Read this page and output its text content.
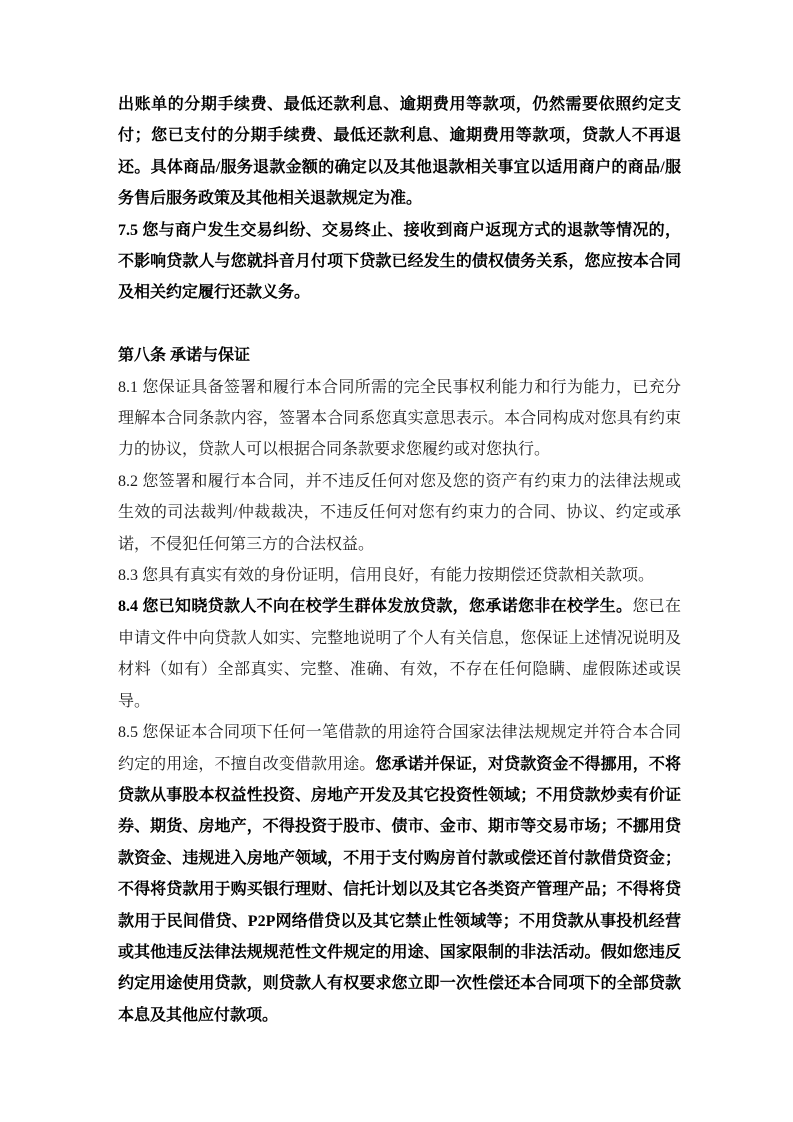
出账单的分期手续费、最低还款利息、逾期费用等款项，仍然需要依照约定支付；您已支付的分期手续费、最低还款利息、逾期费用等款项，贷款人不再退还。具体商品/服务退款金额的确定以及其他退款相关事宜以适用商户的商品/服务售后服务政策及其他相关退款规定为准。

7.5 您与商户发生交易纠纷、交易终止、接收到商户返现方式的退款等情况的，不影响贷款人与您就抖音月付项下贷款已经发生的债权债务关系，您应按本合同及相关约定履行还款义务。

第八条 承诺与保证

8.1 您保证具备签署和履行本合同所需的完全民事权利能力和行为能力，已充分理解本合同条款内容，签署本合同系您真实意思表示。本合同构成对您具有约束力的协议，贷款人可以根据合同条款要求您履约或对您执行。

8.2 您签署和履行本合同，并不违反任何对您及您的资产有约束力的法律法规或生效的司法裁判/仲裁裁决，不违反任何对您有约束力的合同、协议、约定或承诺，不侵犯任何第三方的合法权益。

8.3 您具有真实有效的身份证明，信用良好，有能力按期偿还贷款相关款项。

8.4 您已知晓贷款人不向在校学生群体发放贷款，您承诺您非在校学生。您已在申请文件中向贷款人如实、完整地说明了个人有关信息，您保证上述情况说明及材料（如有）全部真实、完整、准确、有效，不存在任何隐瞒、虚假陈述或误导。

8.5 您保证本合同项下任何一笔借款的用途符合国家法律法规规定并符合本合同约定的用途，不擅自改变借款用途。您承诺并保证，对贷款资金不得挪用，不将贷款从事股本权益性投资、房地产开发及其它投资性领域；不用贷款炒卖有价证券、期货、房地产，不得投资于股市、债市、金市、期市等交易市场；不挪用贷款资金、违规进入房地产领域，不用于支付购房首付款或偿还首付款借贷资金；不得将贷款用于购买银行理财、信托计划以及其它各类资产管理产品；不得将贷款用于民间借贷、P2P网络借贷以及其它禁止性领域等；不用贷款从事投机经营或其他违反法律法规规范性文件规定的用途、国家限制的非法活动。假如您违反约定用途使用贷款，则贷款人有权要求您立即一次性偿还本合同项下的全部贷款本息及其他应付款项。
